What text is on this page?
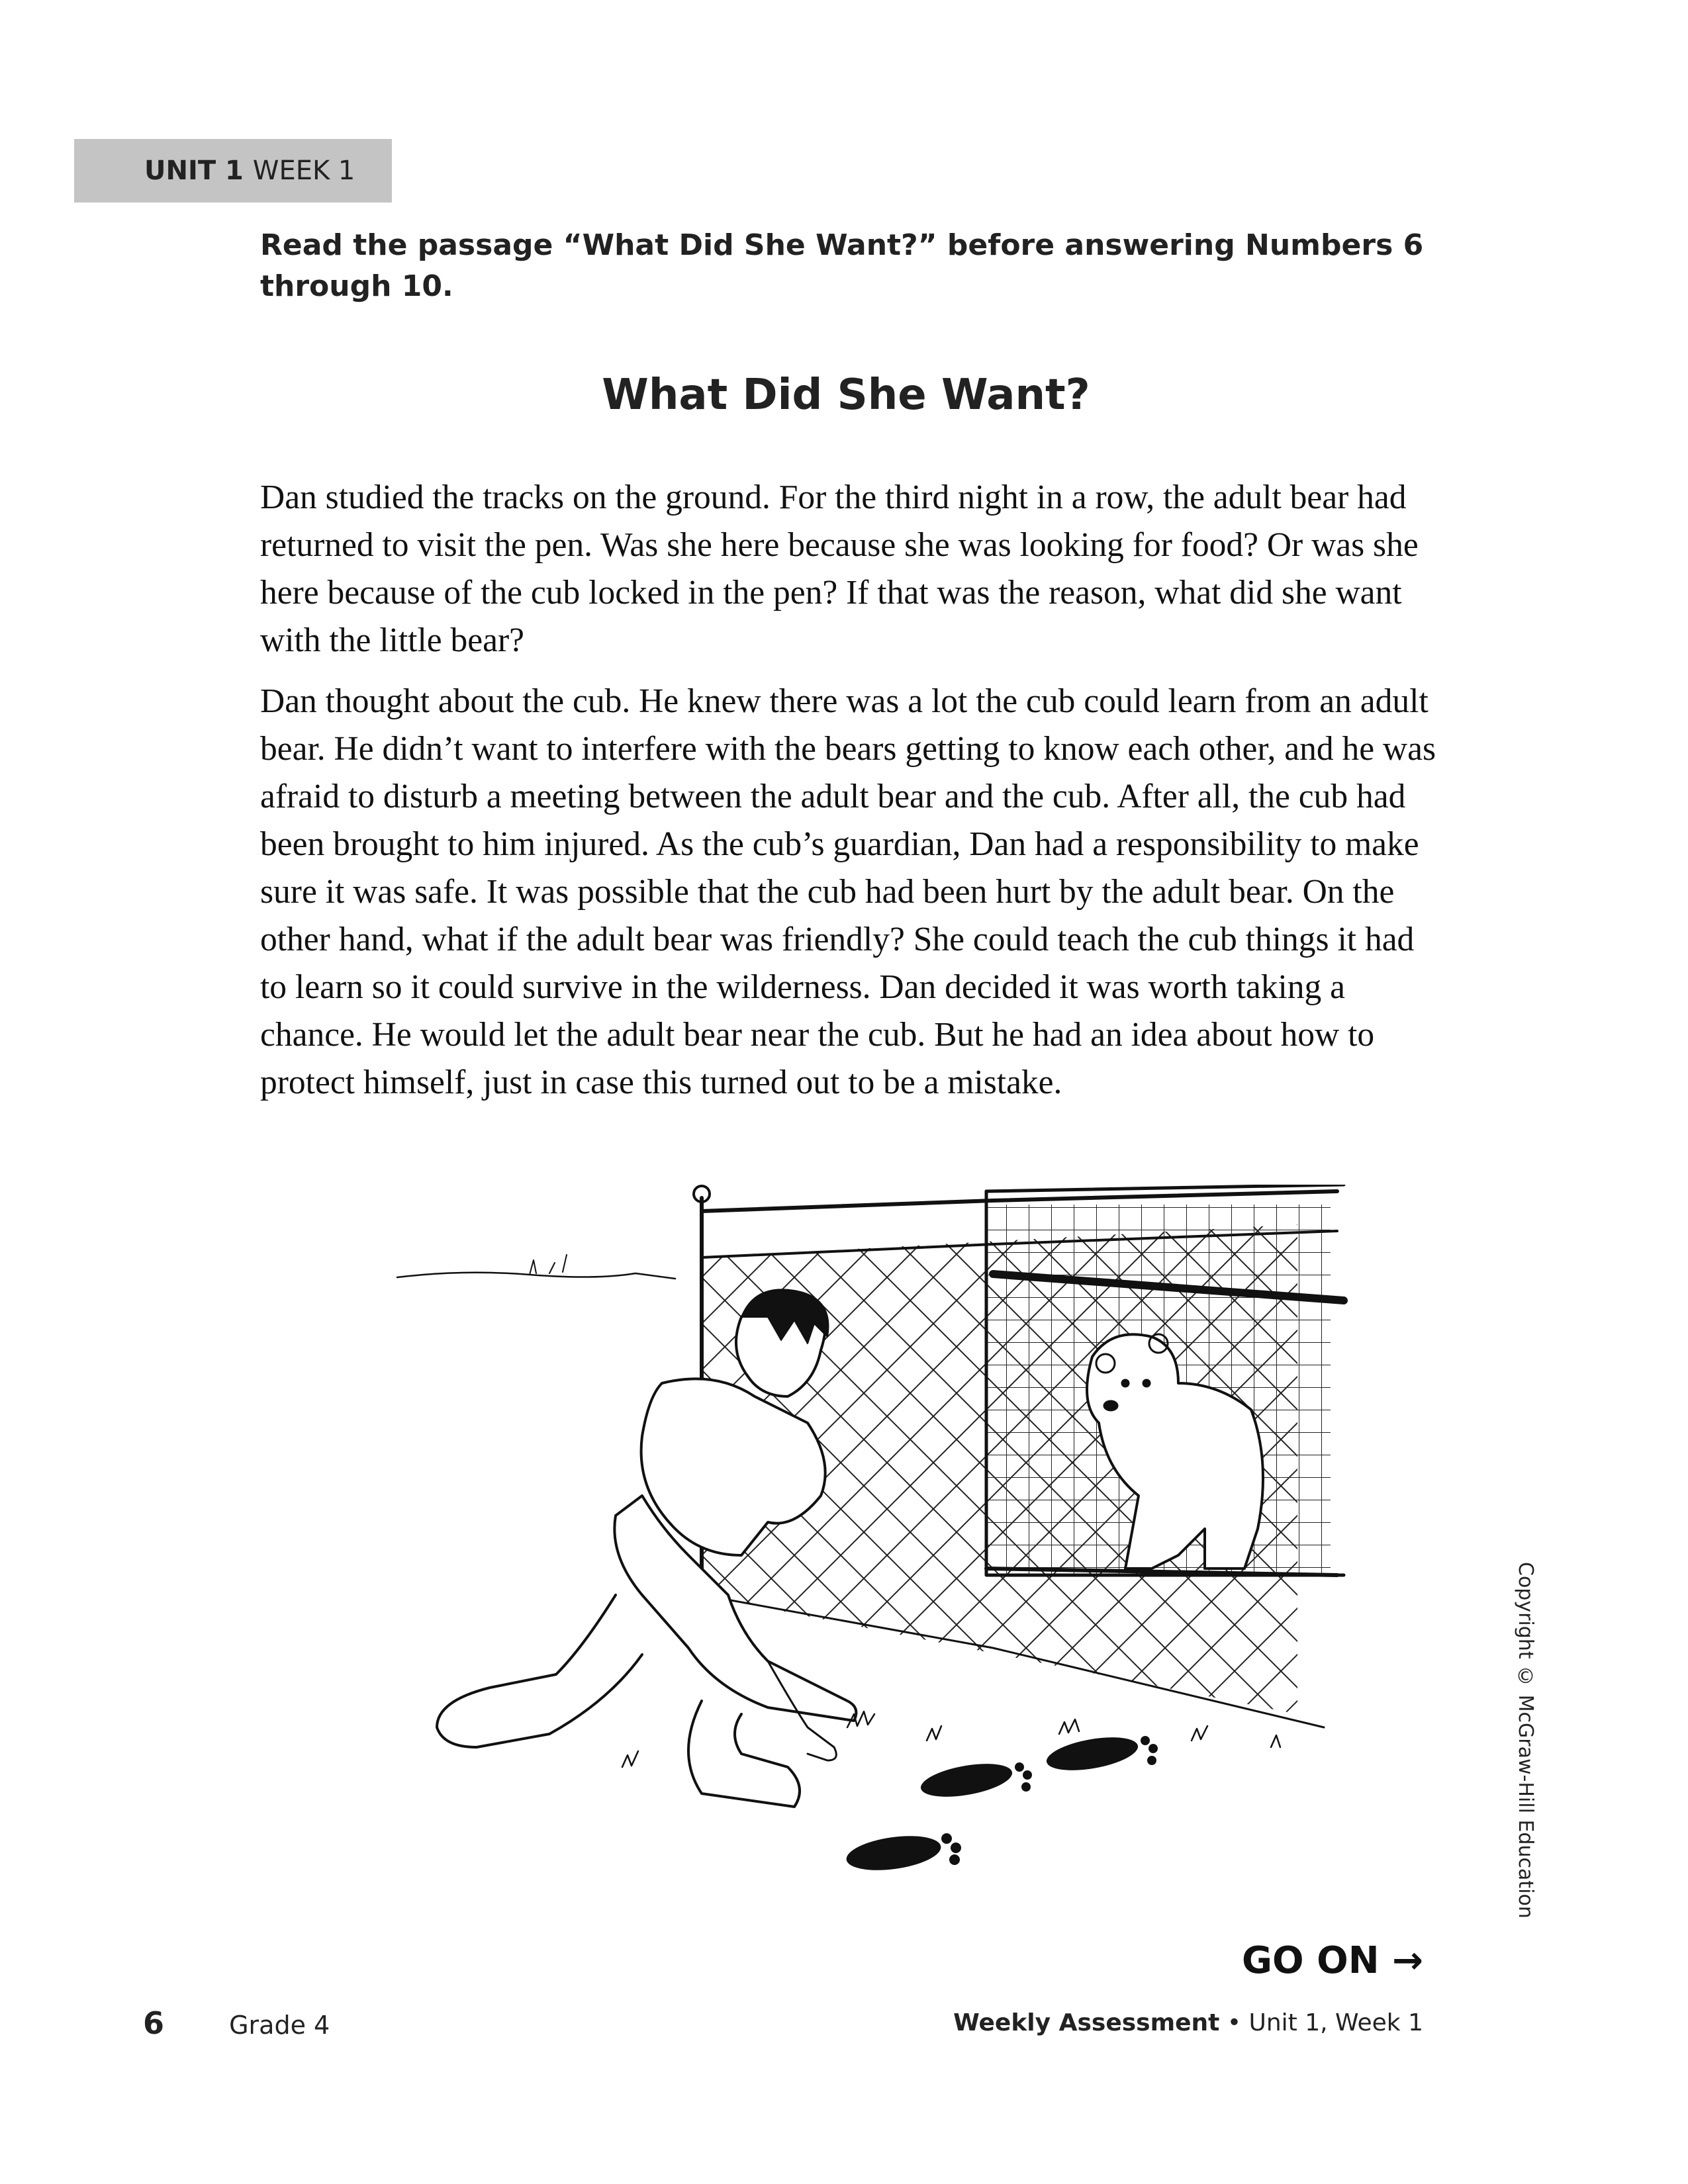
UNIT 1 WEEK 1
Read the passage “What Did She Want?” before answering Numbers 6 through 10.
What Did She Want?

Dan studied the tracks on the ground. For the third night in a row, the adult bear had returned to visit the pen. Was she here because she was looking for food? Or was she here because of the cub locked in the pen? If that was the reason, what did she want with the little bear?

Dan thought about the cub. He knew there was a lot the cub could learn from an adult bear. He didn’t want to interfere with the bears getting to know each other, and he was afraid to disturb a meeting between the adult bear and the cub. After all, the cub had been brought to him injured. As the cub’s guardian, Dan had a responsibility to make sure it was safe. It was possible that the cub had been hurt by the adult bear. On the other hand, what if the adult bear was friendly? She could teach the cub things it had to learn so it could survive in the wilderness. Dan decided it was worth taking a chance. He would let the adult bear near the cub. But he had an idea about how to protect himself, just in case this turned out to be a mistake.

Copyright © McGraw-Hill Education
GO ON →
6	Grade 4	Weekly Assessment • Unit 1, Week 1
